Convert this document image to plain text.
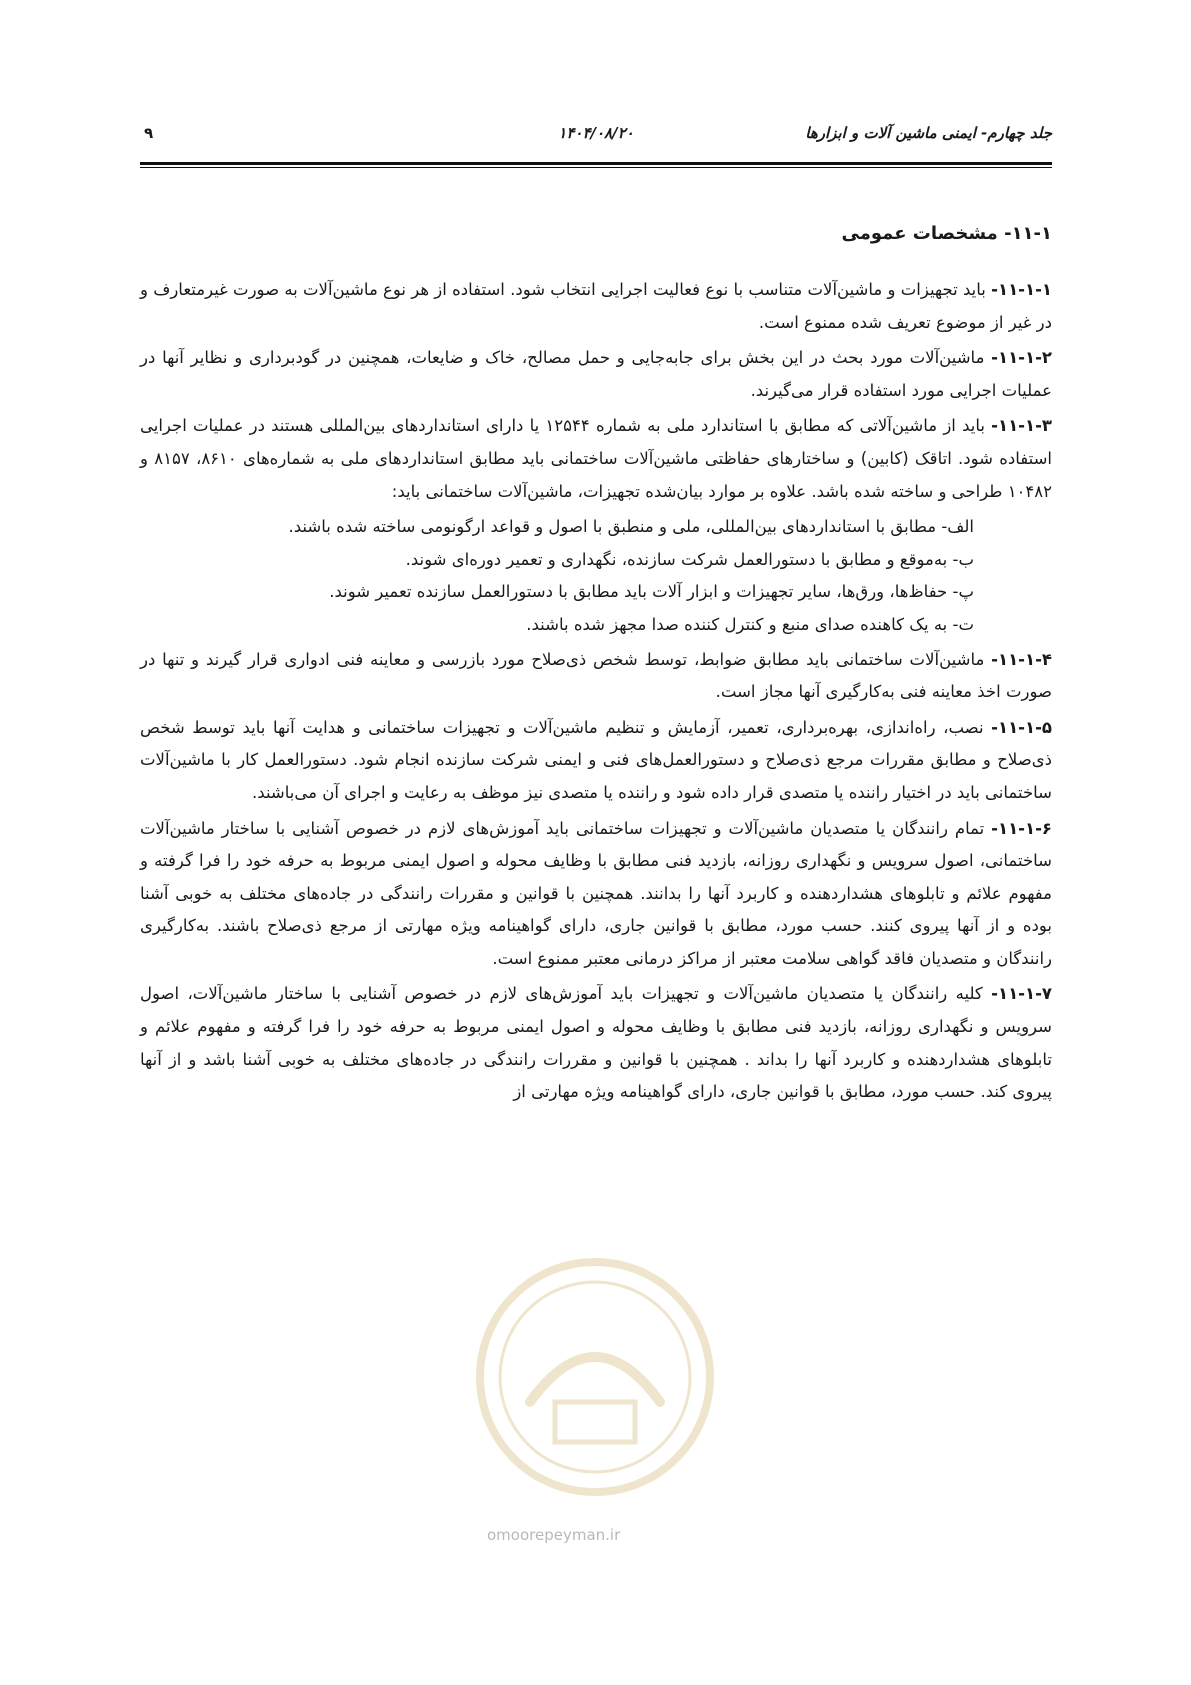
جلد چهارم- ایمنی ماشین آلات و ابزارها
۱۴۰۴/۰۸/۲۰
۹
۱۱-۱- مشخصات عمومی

۱۱-۱-۱- باید تجهیزات و ماشین‌آلات متناسب با نوع فعالیت اجرایی انتخاب شود. استفاده از هر نوع ماشین‌آلات به صورت غیرمتعارف و در غیر از موضوع تعریف شده ممنوع است.

۱۱-۱-۲- ماشین‌آلات مورد بحث در این بخش برای جابه‌جایی و حمل مصالح، خاک و ضایعات، همچنین در گودبرداری و نظایر آنها در عملیات اجرایی مورد استفاده قرار می‌گیرند.

۱۱-۱-۳- باید از ماشین‌آلاتی که مطابق با استاندارد ملی به شماره ۱۲۵۴۴ یا دارای استانداردهای بین‌المللی هستند در عملیات اجرایی استفاده شود. اتاقک (کابین) و ساختارهای حفاظتی ماشین‌آلات ساختمانی باید مطابق استانداردهای ملی به شماره‌های ۸۶۱۰، ۸۱۵۷ و ۱۰۴۸۲ طراحی و ساخته شده باشد. علاوه بر موارد بیان‌شده تجهیزات، ماشین‌آلات ساختمانی باید:

الف- مطابق با استانداردهای بین‌المللی، ملی و منطبق با اصول و قواعد ارگونومی ساخته شده باشند.
ب- به‌موقع و مطابق با دستورالعمل شرکت سازنده، نگهداری و تعمیر دوره‌ای شوند.
پ- حفاظ‌ها، ورق‌ها، سایر تجهیزات و ابزار آلات باید مطابق با دستورالعمل سازنده تعمیر شوند.
ت- به یک کاهنده صدای منبع و کنترل کننده صدا مجهز شده باشند.

۱۱-۱-۴- ماشین‌آلات ساختمانی باید مطابق ضوابط، توسط شخص ذی‌صلاح مورد بازرسی و معاینه فنی ادواری قرار گیرند و تنها در صورت اخذ معاینه فنی به‌کارگیری آنها مجاز است.

۱۱-۱-۵- نصب، راه‌اندازی، بهره‌برداری، تعمیر، آزمایش و تنظیم ماشین‌آلات و تجهیزات ساختمانی و هدایت آنها باید توسط شخص ذی‌صلاح و مطابق مقررات مرجع ذی‌صلاح و دستورالعمل‌های فنی و ایمنی شرکت سازنده انجام شود. دستورالعمل کار با ماشین‌آلات ساختمانی باید در اختیار راننده یا متصدی قرار داده شود و راننده یا متصدی نیز موظف به رعایت و اجرای آن می‌باشند.

۱۱-۱-۶- تمام رانندگان یا متصدیان ماشین‌آلات و تجهیزات ساختمانی باید آموزش‌های لازم در خصوص آشنایی با ساختار ماشین‌آلات ساختمانی، اصول سرویس و نگهداری روزانه، بازدید فنی مطابق با وظایف محوله و اصول ایمنی مربوط به حرفه خود را فرا گرفته و مفهوم علائم و تابلوهای هشداردهنده و کاربرد آنها را بدانند. همچنین با قوانین و مقررات رانندگی در جاده‌های مختلف به خوبی آشنا بوده و از آنها پیروی کنند. حسب مورد، مطابق با قوانین جاری، دارای گواهینامه ویژه مهارتی از مرجع ذی‌صلاح باشند. به‌کارگیری رانندگان و متصدیان فاقد گواهی سلامت معتبر از مراکز درمانی معتبر ممنوع است.

۱۱-۱-۷- کلیه رانندگان یا متصدیان ماشین‌آلات و تجهیزات باید آموزش‌های لازم در خصوص آشنایی با ساختار ماشین‌آلات، اصول سرویس و نگهداری روزانه، بازدید فنی مطابق با وظایف محوله و اصول ایمنی مربوط به حرفه خود را فرا گرفته و مفهوم علائم و تابلوهای هشداردهنده و کاربرد آنها را بداند . همچنین با قوانین و مقررات رانندگی در جاده‌های مختلف به خوبی آشنا باشد و از آنها پیروی کند. حسب مورد، مطابق با قوانین جاری، دارای گواهینامه ویژه مهارتی از

omoorepeyman.ir
